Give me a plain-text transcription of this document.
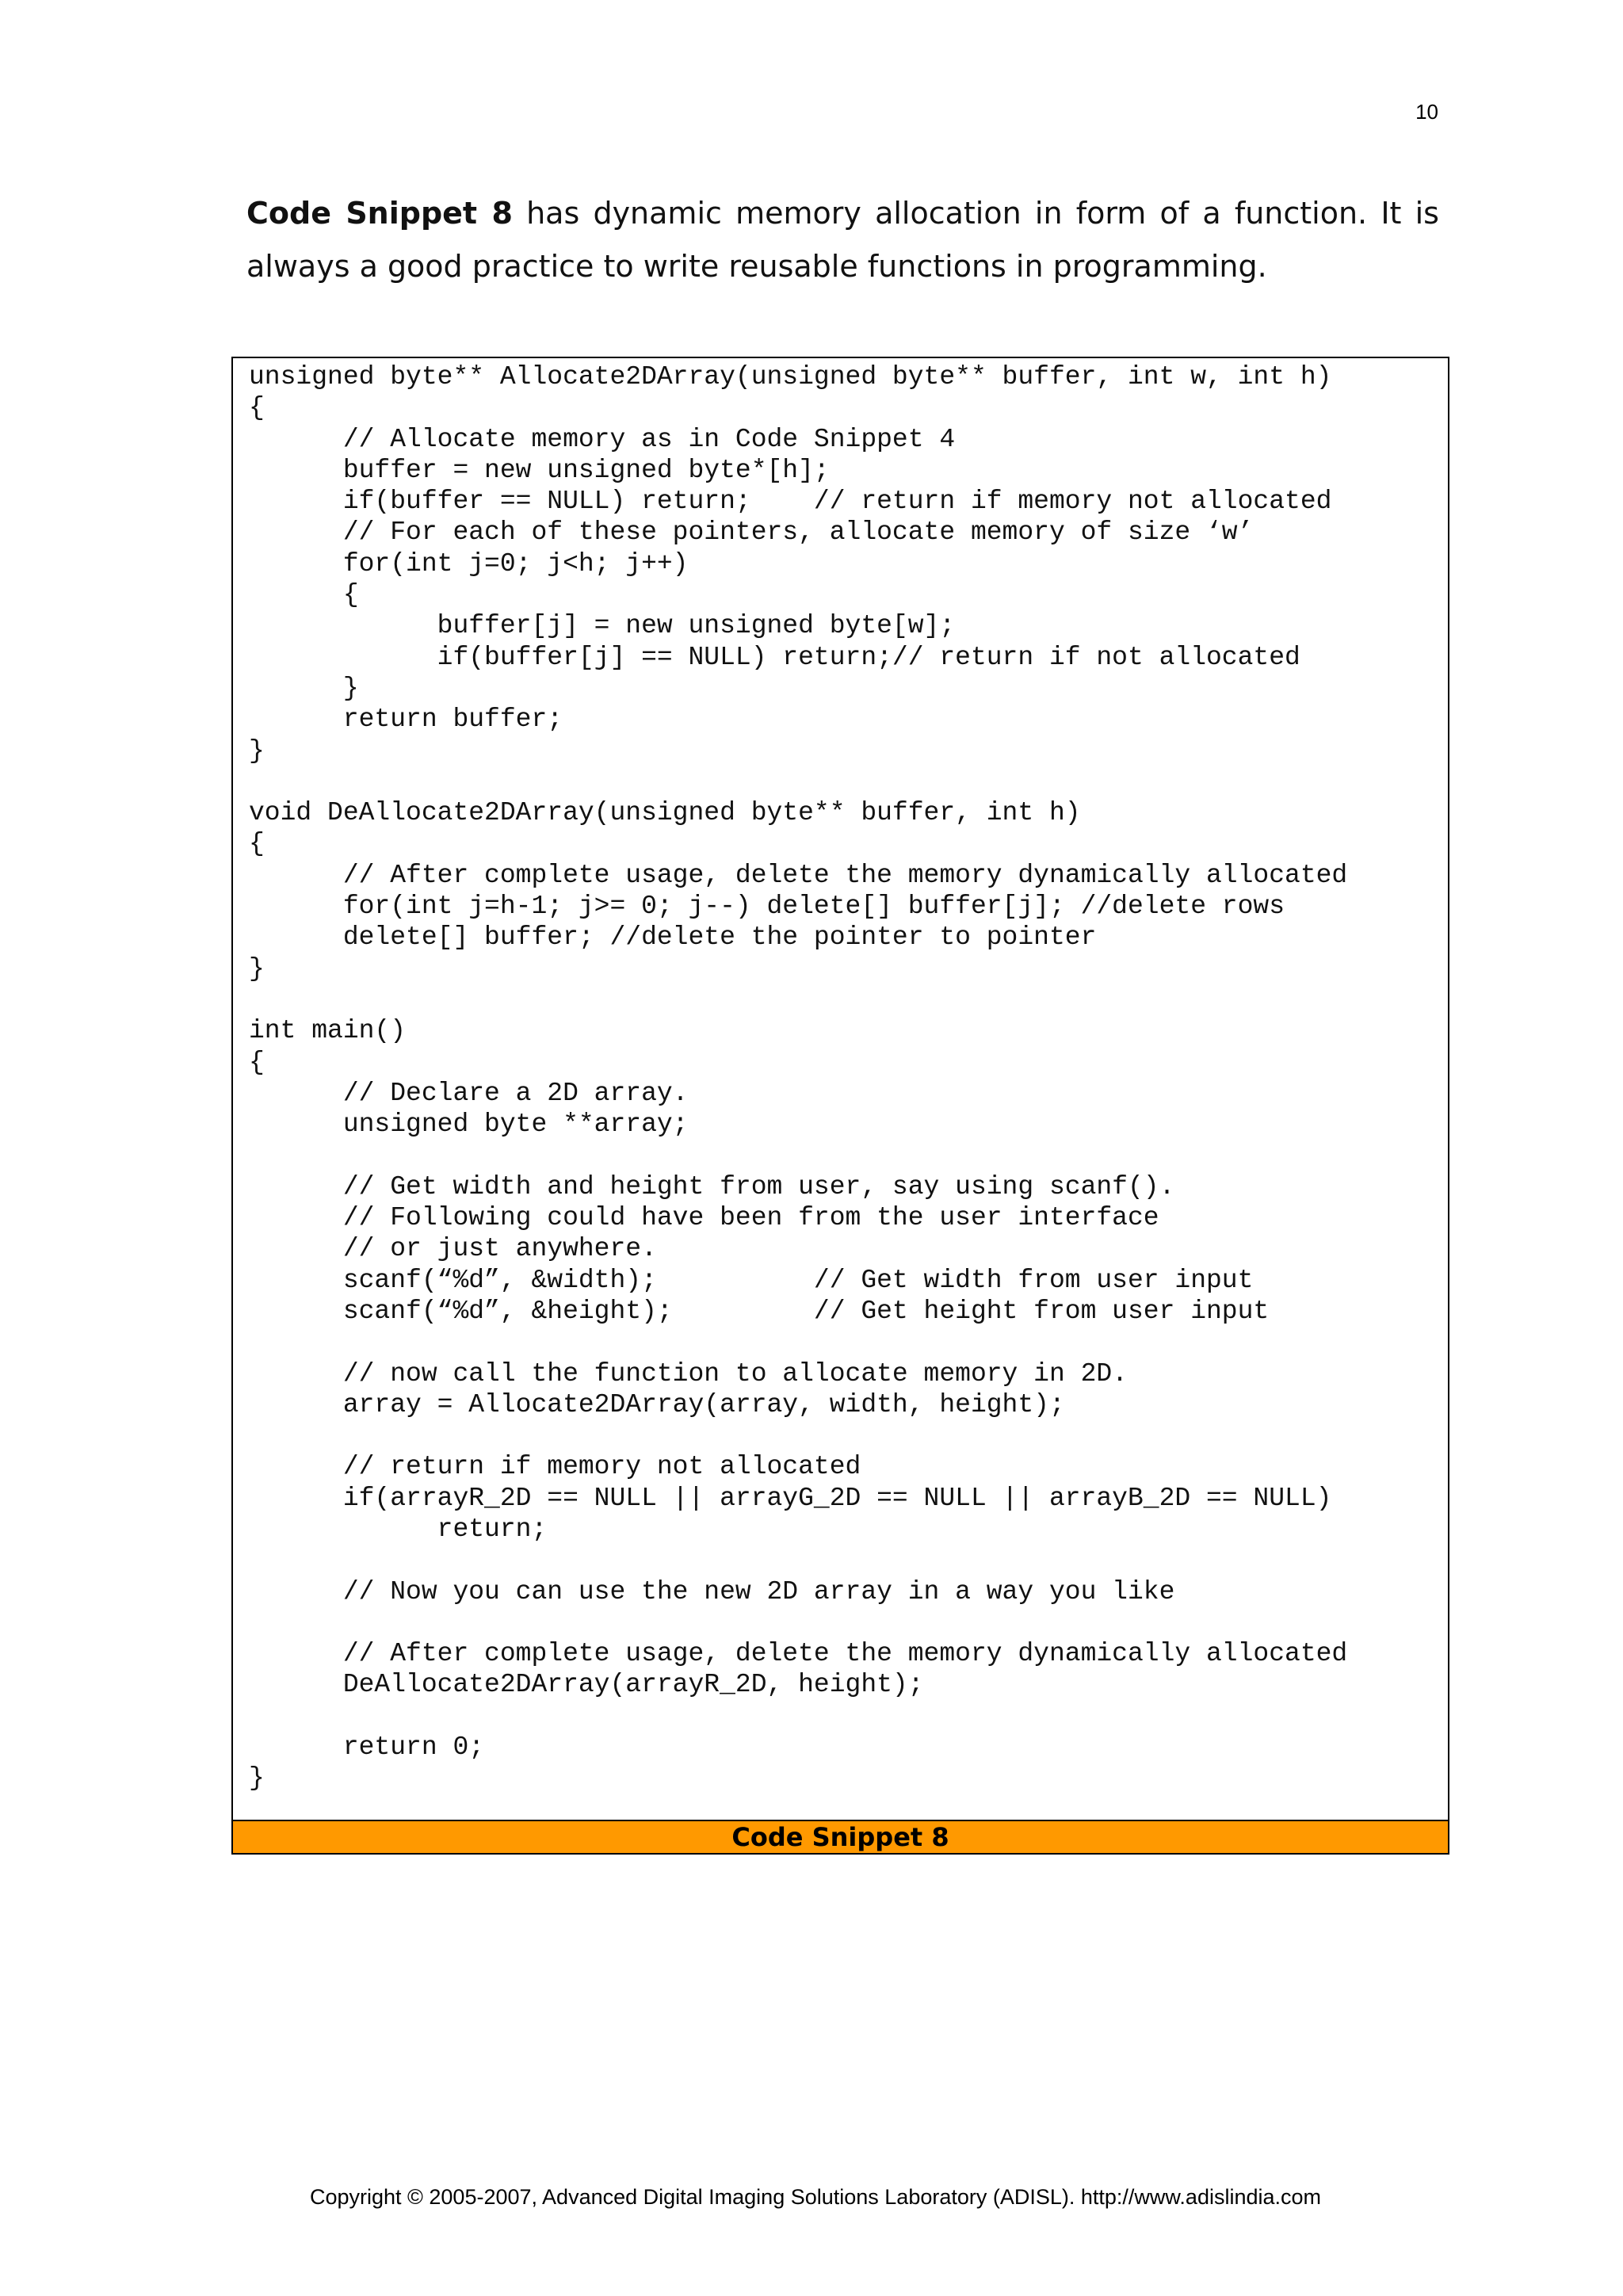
10

Code Snippet 8 has dynamic memory allocation in form of a function. It is always a good practice to write reusable functions in programming.

unsigned byte** Allocate2DArray(unsigned byte** buffer, int w, int h)
{
// Allocate memory as in Code Snippet 4
buffer = new unsigned byte*[h];
if(buffer == NULL) return;    // return if memory not allocated
// For each of these pointers, allocate memory of size ‘w’
for(int j=0; j<h; j++)
{
buffer[j] = new unsigned byte[w];
if(buffer[j] == NULL) return;// return if not allocated
}
return buffer;
}
void DeAllocate2DArray(unsigned byte** buffer, int h)
{
// After complete usage, delete the memory dynamically allocated
for(int j=h-1; j>= 0; j--) delete[] buffer[j]; //delete rows
delete[] buffer; //delete the pointer to pointer
}
int main()
{
// Declare a 2D array.
unsigned byte **array;
// Get width and height from user, say using scanf().
// Following could have been from the user interface
// or just anywhere.
scanf(“%d”, &width);          // Get width from user input
scanf(“%d”, &height);         // Get height from user input
// now call the function to allocate memory in 2D.
array = Allocate2DArray(array, width, height);
// return if memory not allocated
if(arrayR_2D == NULL || arrayG_2D == NULL || arrayB_2D == NULL)
return;
// Now you can use the new 2D array in a way you like
// After complete usage, delete the memory dynamically allocated
DeAllocate2DArray(arrayR_2D, height);
return 0;
}
Code Snippet 8
Copyright © 2005-2007, Advanced Digital Imaging Solutions Laboratory (ADISL). http://www.adislindia.com
